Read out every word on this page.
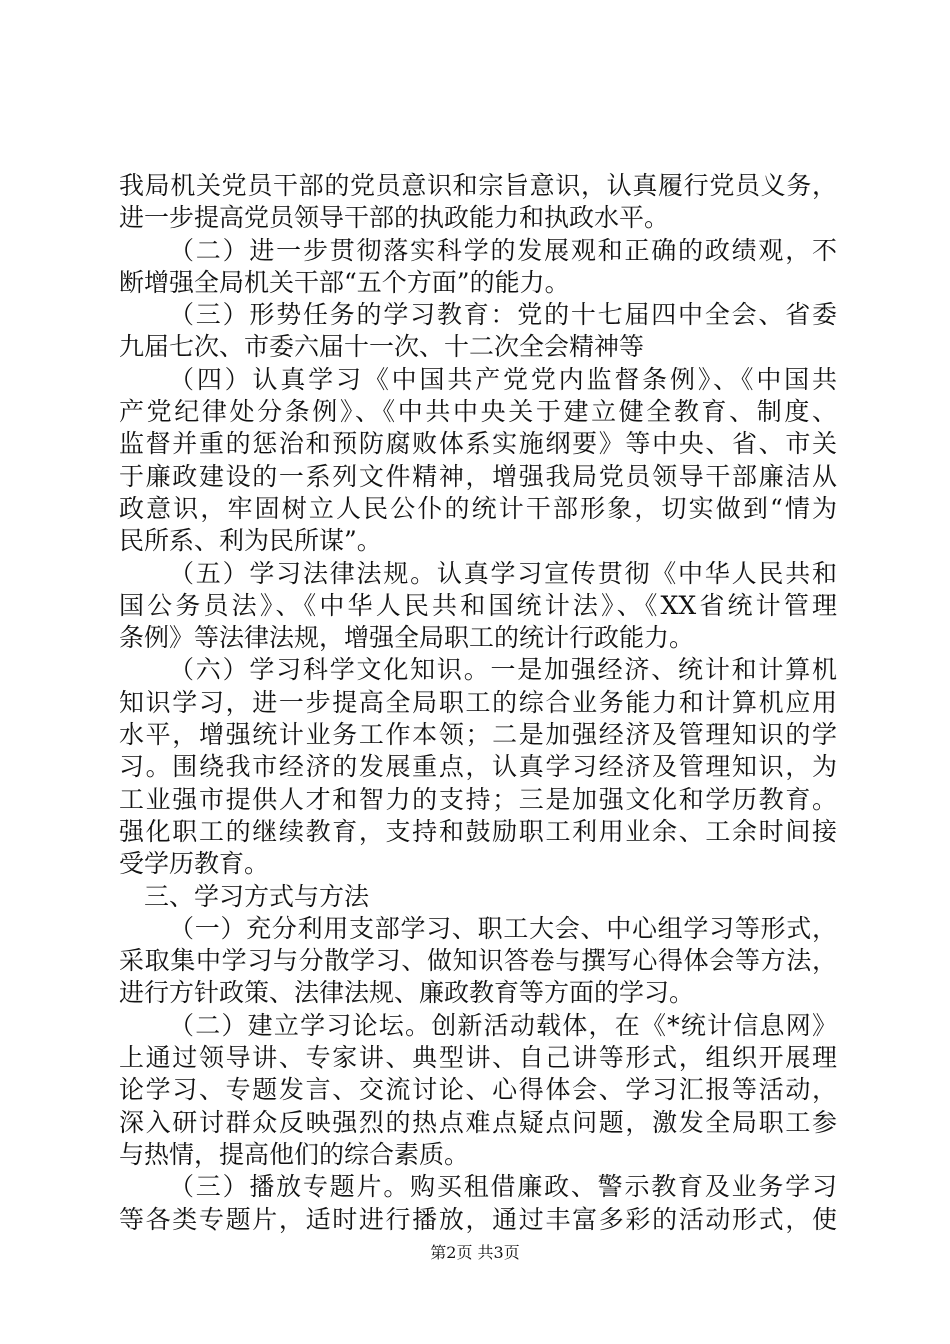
我局机关党员干部的党员意识和宗旨意识，认真履行党员义务，
进一步提高党员领导干部的执政能力和执政水平。
（二）进一步贯彻落实科学的发展观和正确的政绩观，不
断增强全局机关干部“五个方面”的能力。
（三）形势任务的学习教育：党的十七届四中全会、省委
九届七次、市委六届十一次、十二次全会精神等
（四）认真学习《中国共产党党内监督条例》、《中国共
产党纪律处分条例》、《中共中央关于建立健全教育、制度、
监督并重的惩治和预防腐败体系实施纲要》等中央、省、市关
于廉政建设的一系列文件精神，增强我局党员领导干部廉洁从
政意识，牢固树立人民公仆的统计干部形象，切实做到“情为
民所系、利为民所谋”。
（五）学习法律法规。认真学习宣传贯彻《中华人民共和
国公务员法》、《中华人民共和国统计法》、《XX省统计管理
条例》等法律法规，增强全局职工的统计行政能力。
（六）学习科学文化知识。一是加强经济、统计和计算机
知识学习，进一步提高全局职工的综合业务能力和计算机应用
水平，增强统计业务工作本领；二是加强经济及管理知识的学
习。围绕我市经济的发展重点，认真学习经济及管理知识，为
工业强市提供人才和智力的支持；三是加强文化和学历教育。
强化职工的继续教育，支持和鼓励职工利用业余、工余时间接
受学历教育。
三、学习方式与方法
（一）充分利用支部学习、职工大会、中心组学习等形式，
采取集中学习与分散学习、做知识答卷与撰写心得体会等方法，
进行方针政策、法律法规、廉政教育等方面的学习。
（二）建立学习论坛。创新活动载体，在《*统计信息网》
上通过领导讲、专家讲、典型讲、自己讲等形式，组织开展理
论学习、专题发言、交流讨论、心得体会、学习汇报等活动，
深入研讨群众反映强烈的热点难点疑点问题，激发全局职工参
与热情，提高他们的综合素质。
（三）播放专题片。购买租借廉政、警示教育及业务学习
等各类专题片，适时进行播放，通过丰富多彩的活动形式，使
第2页 共3页
